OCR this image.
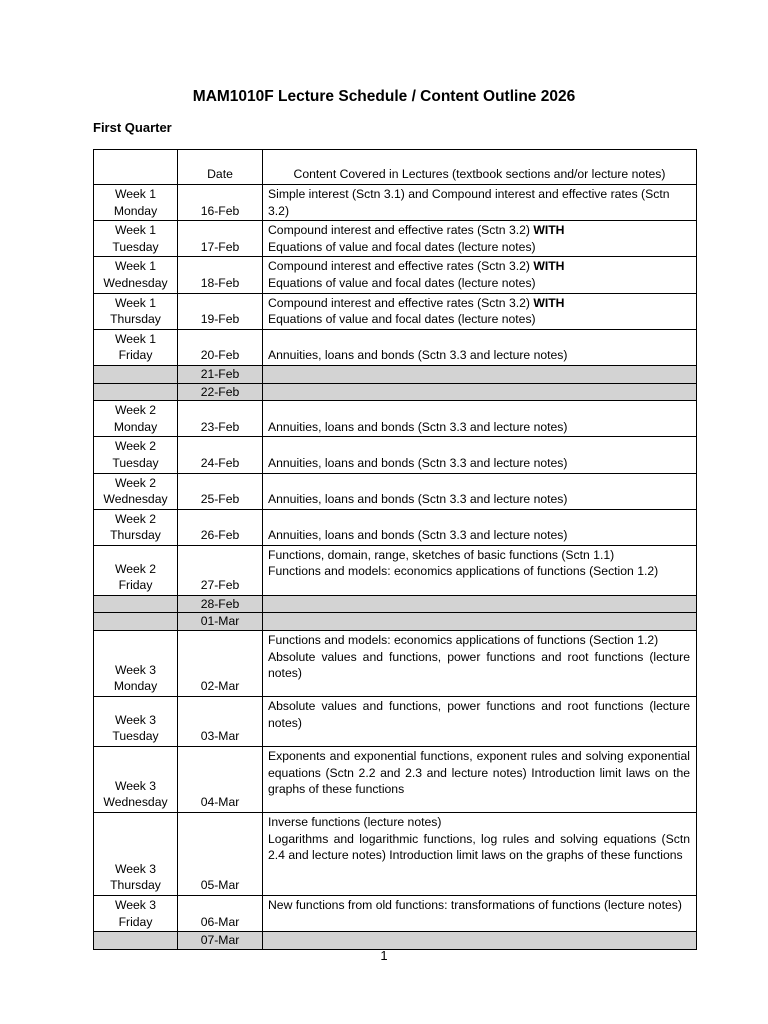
MAM1010F Lecture Schedule / Content Outline 2026
First Quarter
	Date	Content Covered in Lectures (textbook sections and/or lecture notes)

Week 1
Monday	16-Feb	Simple interest (Sctn 3.1) and Compound interest and effective rates (Sctn 3.2)

Week 1
Tuesday	17-Feb	Compound interest and effective rates (Sctn 3.2) WITH
Equations of value and focal dates (lecture notes)

Week 1
Wednesday	18-Feb	Compound interest and effective rates (Sctn 3.2) WITH
Equations of value and focal dates (lecture notes)

Week 1
Thursday	19-Feb	Compound interest and effective rates (Sctn 3.2) WITH
Equations of value and focal dates (lecture notes)

Week 1
Friday	20-Feb	Annuities, loans and bonds (Sctn 3.3 and lecture notes)

	21-Feb	
	22-Feb	

Week 2
Monday	23-Feb	Annuities, loans and bonds (Sctn 3.3 and lecture notes)

Week 2
Tuesday	24-Feb	Annuities, loans and bonds (Sctn 3.3 and lecture notes)

Week 2
Wednesday	25-Feb	Annuities, loans and bonds (Sctn 3.3 and lecture notes)

Week 2
Thursday	26-Feb	Annuities, loans and bonds (Sctn 3.3 and lecture notes)

Week 2
Friday	27-Feb	Functions, domain, range, sketches of basic functions (Sctn 1.1)
Functions and models: economics applications of functions (Section 1.2)

	28-Feb	
	01-Mar	

Week 3
Monday	02-Mar	Functions and models: economics applications of functions (Section 1.2)
Absolute values and functions, power functions and root functions (lecture notes)

Week 3
Tuesday	03-Mar	Absolute values and functions, power functions and root functions (lecture notes)

Week 3
Wednesday	04-Mar	Exponents and exponential functions, exponent rules and solving exponential equations (Sctn 2.2 and 2.3 and lecture notes) Introduction limit laws on the graphs of these functions

Week 3
Thursday	05-Mar	Inverse functions (lecture notes)
Logarithms and logarithmic functions, log rules and solving equations (Sctn 2.4 and lecture notes) Introduction limit laws on the graphs of these functions

Week 3
Friday	06-Mar	New functions from old functions: transformations of functions (lecture notes)

	07-Mar	
1
